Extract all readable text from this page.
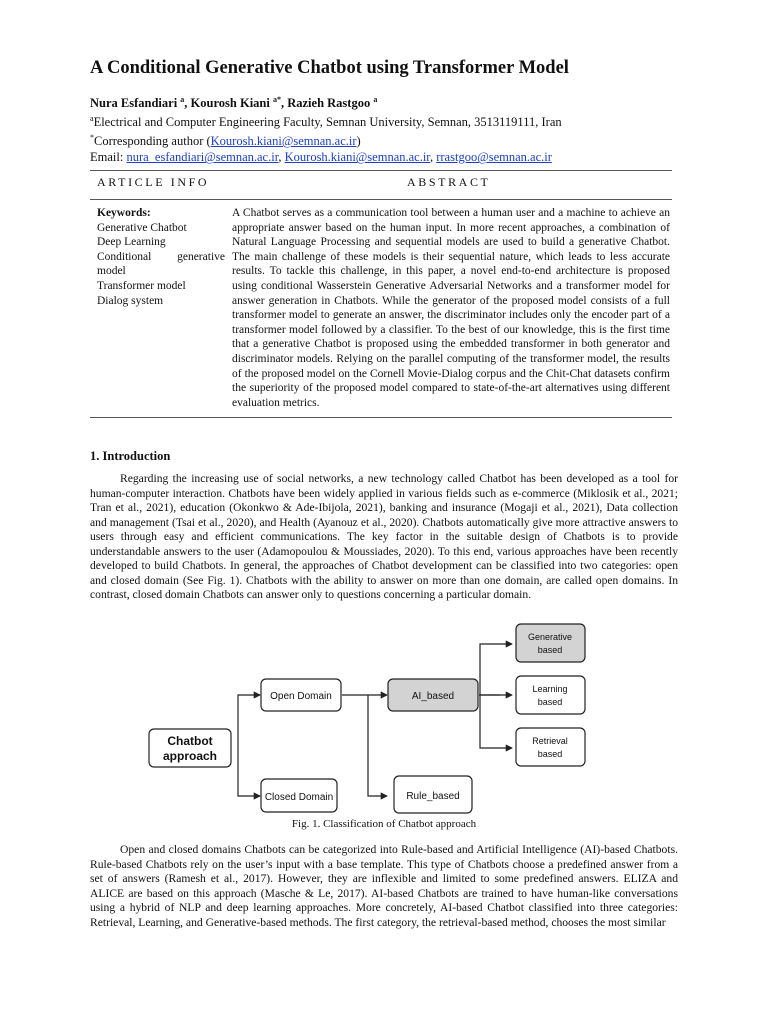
A Conditional Generative Chatbot using Transformer Model
Nura Esfandiari $^a$, Kourosh Kiani $^{a*}$, Razieh Rastgoo $^a$
$^a$Electrical and Computer Engineering Faculty, Semnan University, Semnan, 3513119111, Iran
*Corresponding author (Kourosh.kiani@semnan.ac.ir)
Email: nura_esfandiari@semnan.ac.ir, Kourosh.kiani@semnan.ac.ir, rrastgoo@semnan.ac.ir
ARTICLE INFO	ABSTRACT
Keywords:
Generative Chatbot
Deep Learning
Conditional generative
model
Transformer model
Dialog system
A Chatbot serves as a communication tool between a human user and a machine to achieve an appropriate answer based on the human input. In more recent approaches, a combination of Natural Language Processing and sequential models are used to build a generative Chatbot. The main challenge of these models is their sequential nature, which leads to less accurate results. To tackle this challenge, in this paper, a novel end-to-end architecture is proposed using conditional Wasserstein Generative Adversarial Networks and a transformer model for answer generation in Chatbots. While the generator of the proposed model consists of a full transformer model to generate an answer, the discriminator includes only the encoder part of a transformer model followed by a classifier. To the best of our knowledge, this is the first time that a generative Chatbot is proposed using the embedded transformer in both generator and discriminator models. Relying on the parallel computing of the transformer model, the results of the proposed model on the Cornell Movie-Dialog corpus and the Chit-Chat datasets confirm the superiority of the proposed model compared to state-of-the-art alternatives using different evaluation metrics.
1. Introduction

Regarding the increasing use of social networks, a new technology called Chatbot has been developed as a tool for human-computer interaction. Chatbots have been widely applied in various fields such as e-commerce (Miklosik et al., 2021; Tran et al., 2021), education (Okonkwo & Ade-Ibijola, 2021), banking and insurance (Mogaji et al., 2021), Data collection and management (Tsai et al., 2020), and Health (Ayanouz et al., 2020). Chatbots automatically give more attractive answers to users through easy and efficient communications. The key factor in the suitable design of Chatbots is to provide understandable answers to the user (Adamopoulou & Moussiades, 2020). To this end, various approaches have been recently developed to build Chatbots. In general, the approaches of Chatbot development can be classified into two categories: open and closed domain (See Fig. 1). Chatbots with the ability to answer on more than one domain, are called open domains. In contrast, closed domain Chatbots can answer only to questions concerning a particular domain.

Chatbot
approach
Open Domain
Closed Domain
AI_based
Rule_based
Generative
based
Learning
based
Retrieval
based
Fig. 1. Classification of Chatbot approach

Open and closed domains Chatbots can be categorized into Rule-based and Artificial Intelligence (AI)-based Chatbots. Rule-based Chatbots rely on the user’s input with a base template. This type of Chatbots choose a predefined answer from a set of answers (Ramesh et al., 2017). However, they are inflexible and limited to some predefined answers. ELIZA and ALICE are based on this approach (Masche & Le, 2017). AI-based Chatbots are trained to have human-like conversations using a hybrid of NLP and deep learning approaches. More concretely, AI-based Chatbot classified into three categories: Retrieval, Learning, and Generative-based methods. The first category, the retrieval-based method, chooses the most similar
